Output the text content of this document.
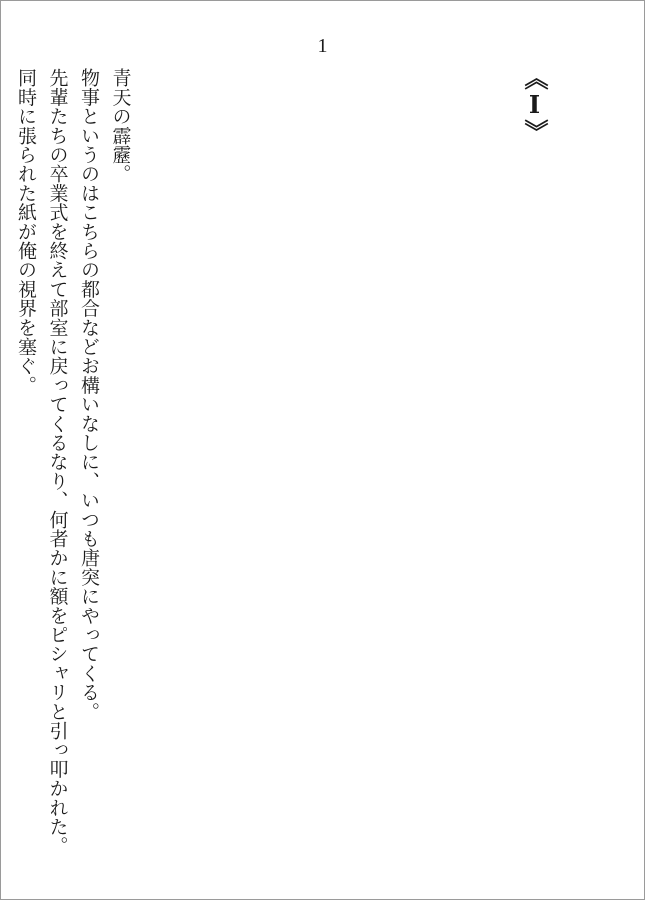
1
《Ⅰ》
青天の霹靂。
物事というのはこちらの都合などお構いなしに、いつも唐突にやってくる。
先輩たちの卒業式を終えて部室に戻ってくるなり、何者かに額をピシャリと引っ叩かれた。
同時に張られた紙が俺の視界を塞ぐ。
